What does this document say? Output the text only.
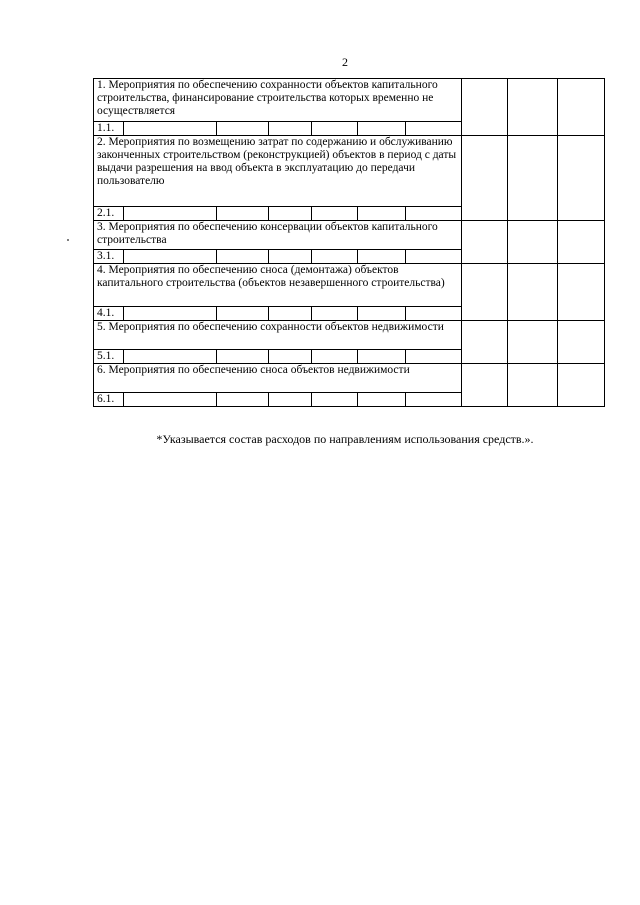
2
1. Мероприятия по обеспечению сохранности объектов капитального строительства, финансирование строительства которых временно не осуществляется									
1.1.									
2. Мероприятия по возмещению затрат по содержанию и обслуживанию законченных строительством (реконструкцией) объектов в период с даты выдачи разрешения на ввод объекта в эксплуатацию до передачи пользователю									
2.1.									
3. Мероприятия по обеспечению консервации объектов капитального строительства									
3.1.									
4. Мероприятия по обеспечению сноса (демонтажа) объектов капитального строительства (объектов незавершенного строительства)									
4.1.									
5. Мероприятия по обеспечению сохранности объектов недвижимости									
5.1.									
6. Мероприятия по обеспечению сноса объектов недвижимости									
6.1.									
*Указывается состав расходов по направлениям использования средств.».
